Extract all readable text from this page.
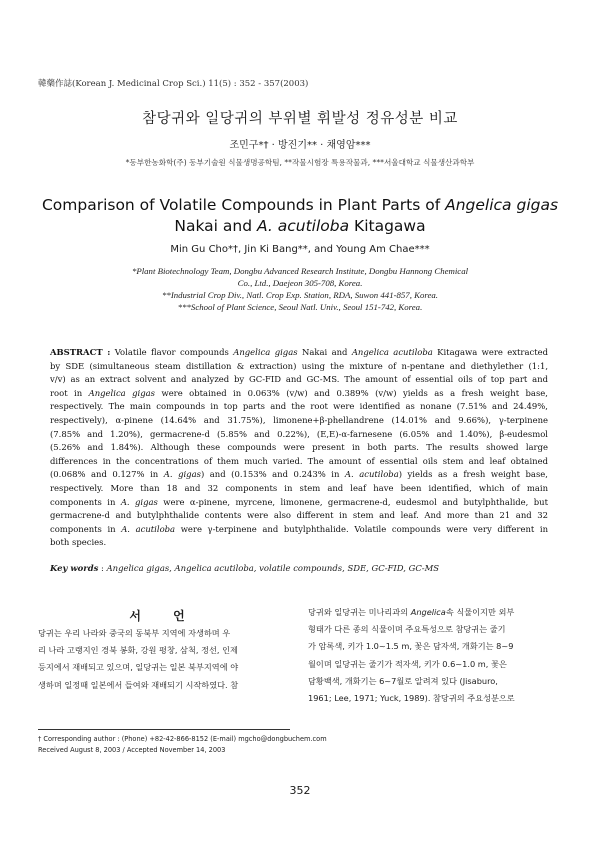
韓藥作誌(Korean J. Medicinal Crop Sci.) 11(5) : 352 - 357(2003)
참당귀와 일당귀의 부위별 휘발성 정유성분 비교
조민구*† · 방진기** · 채영암***
*동부한농화학(주) 동부기술원 식물생명공학팀, **작물시험장 특용작물과, ***서울대학교 식물생산과학부
Comparison of Volatile Compounds in Plant Parts of Angelica gigas
Nakai and A. acutiloba Kitagawa
Min Gu Cho*†, Jin Ki Bang**, and Young Am Chae***
*Plant Biotechnology Team, Dongbu Advanced Research Institute, Dongbu Hannong Chemical
Co., Ltd., Daejeon 305-708, Korea.
**Industrial Crop Div., Natl. Crop Exp. Station, RDA, Suwon 441-857, Korea.
***School of Plant Science, Seoul Natl. Univ., Seoul 151-742, Korea.
ABSTRACT : Volatile flavor compounds Angelica gigas Nakai and Angelica acutiloba Kitagawa were extracted
by SDE (simultaneous steam distillation & extraction) using the mixture of n-pentane and diethylether (1:1,
v/v) as an extract solvent and analyzed by GC-FID and GC-MS. The amount of essential oils of top part and
root in Angelica gigas were obtained in 0.063% (v/w) and 0.389% (v/w) yields as a fresh weight base,
respectively. The main compounds in top parts and the root were identified as nonane (7.51% and 24.49%,
respectively), α-pinene (14.64% and 31.75%), limonene+β-phellandrene (14.01% and 9.66%), γ-terpinene
(7.85% and 1.20%), germacrene-d (5.85% and 0.22%), (E,E)-α-farnesene (6.05% and 1.40%), β-eudesmol
(5.26% and 1.84%). Although these compounds were present in both parts. The results showed large
differences in the concentrations of them much varied. The amount of essential oils stem and leaf obtained
(0.068% and 0.127% in A. gigas) and (0.153% and 0.243% in A. acutiloba) yields as a fresh weight base,
respectively. More than 18 and 32 components in stem and leaf have been identified, which of main
components in A. gigas were α-pinene, myrcene, limonene, germacrene-d, eudesmol and butylphthalide, but
germacrene-d and butylphthalide contents were also different in stem and leaf. And more than 21 and 32
components in A. acutiloba were γ-terpinene and butylphthalide. Volatile compounds were very different in
both species.
Key words : Angelica gigas, Angelica acutiloba, volatile compounds, SDE, GC-FID, GC-MS
서 언
당귀는 우리 나라와 중국의 동북부 지역에 자생하며 우
리 나라 고랭지인 경북 봉화, 강원 평창, 삼척, 정선, 인제
등지에서 재배되고 있으며, 일당귀는 일본 북부지역에 야
생하며 일정때 일본에서 들여와 재배되기 시작하였다. 참
당귀와 일당귀는 미나리과의 Angelica속 식물이지만 외부
형태가 다른 종의 식물이며 주요특성으로 참당귀는 줄기
가 암록색, 키가 1.0~1.5 m, 꽃은 담자색, 개화기는 8~9
월이며 일당귀는 줄기가 적자색, 키가 0.6~1.0 m, 꽃은
담황백색, 개화기는 6~7월로 알려져 있다 (Jisaburo,
1961; Lee, 1971; Yuck, 1989). 참당귀의 주요성분으로
† Corresponding author : (Phone) +82-42-866-8152 (E-mail) mgcho@dongbuchem.com
Received August 8, 2003 / Accepted November 14, 2003
352
